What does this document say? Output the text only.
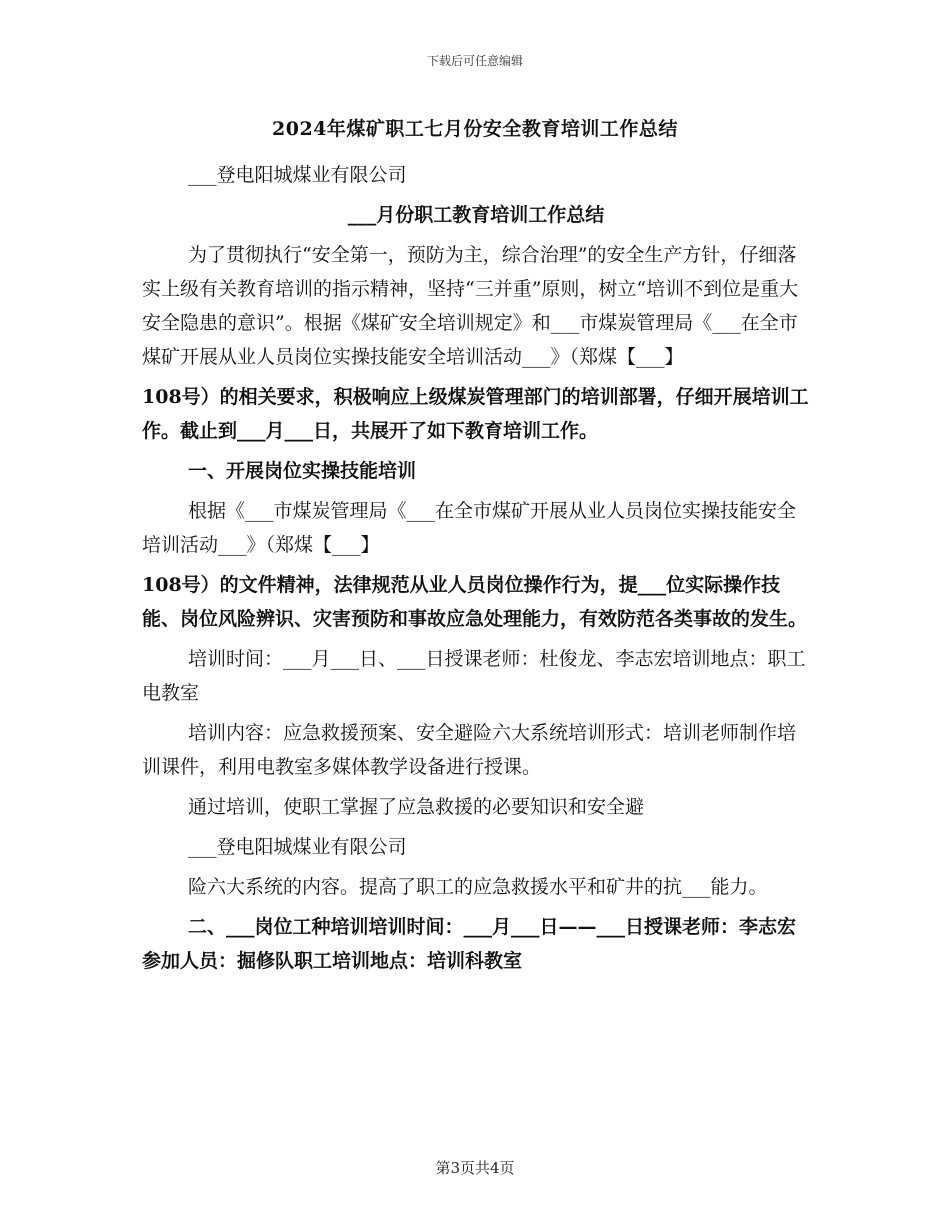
下载后可任意编辑
2024年煤矿职工七月份安全教育培训工作总结

___登电阳城煤业有限公司

___月份职工教育培训工作总结

为了贯彻执行“安全第一，预防为主，综合治理”的安全生产方针，仔细落实上级有关教育培训的指示精神，坚持“三并重”原则，树立“培训不到位是重大安全隐患的意识”。根据《煤矿安全培训规定》和___市煤炭管理局《___在全市煤矿开展从业人员岗位实操技能安全培训活动___》（郑煤【___】

108号）的相关要求，积极响应上级煤炭管理部门的培训部署，仔细开展培训工作。截止到___月___日，共展开了如下教育培训工作。

一、开展岗位实操技能培训

根据《___市煤炭管理局《___在全市煤矿开展从业人员岗位实操技能安全培训活动___》（郑煤【___】

108号）的文件精神，法律规范从业人员岗位操作行为，提___位实际操作技能、岗位风险辨识、灾害预防和事故应急处理能力，有效防范各类事故的发生。

培训时间：___月___日、___日授课老师：杜俊龙、李志宏培训地点：职工电教室

培训内容：应急救援预案、安全避险六大系统培训形式：培训老师制作培训课件，利用电教室多媒体教学设备进行授课。

通过培训，使职工掌握了应急救援的必要知识和安全避

___登电阳城煤业有限公司

险六大系统的内容。提高了职工的应急救援水平和矿井的抗___能力。

二、___岗位工种培训培训时间：___月___日——___日授课老师：李志宏参加人员：掘修队职工培训地点：培训科教室

第3页共4页
